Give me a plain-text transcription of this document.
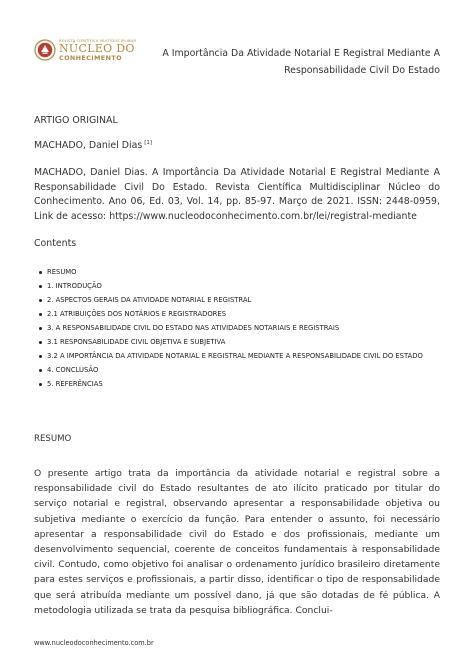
REVISTA CIENTÍFICA MULTIDISCIPLINAR
NÚCLEO DO
CONHECIMENTO	A Importância Da Atividade Notarial E Registral Mediante A
Responsabilidade Civil Do Estado
ARTIGO ORIGINAL
MACHADO, Daniel Dias [1]
MACHADO, Daniel Dias. A Importância Da Atividade Notarial E Registral Mediante A Responsabilidade Civil Do Estado. Revista Científica Multidisciplinar Núcleo do Conhecimento. Ano 06, Ed. 03, Vol. 14, pp. 85-97. Março de 2021. ISSN: 2448-0959, Link de acesso: https://www.nucleodoconhecimento.com.br/lei/registral-mediante
Contents
RESUMO
1. INTRODUÇÃO
2. ASPECTOS GERAIS DA ATIVIDADE NOTARIAL E REGISTRAL
2.1 ATRIBUIÇÕES DOS NOTÁRIOS E REGISTRADORES
3. A RESPONSABILIDADE CIVIL DO ESTADO NAS ATIVIDADES NOTARIAIS E REGISTRAIS
3.1 RESPONSABILIDADE CIVIL OBJETIVA E SUBJETIVA
3.2 A IMPORTÂNCIA DA ATIVIDADE NOTARIAL E REGISTRAL MEDIANTE A RESPONSABILIDADE CIVIL DO ESTADO
4. CONCLUSÃO
5. REFERÊNCIAS
RESUMO

O presente artigo trata da importância da atividade notarial e registral sobre a responsabilidade civil do Estado resultantes de ato ilícito praticado por titular do serviço notarial e registral, observando apresentar a responsabilidade objetiva ou subjetiva mediante o exercício da função. Para entender o assunto, foi necessário apresentar a responsabilidade civil do Estado e dos profissionais, mediante um desenvolvimento sequencial, coerente de conceitos fundamentais à responsabilidade civil. Contudo, como objetivo foi analisar o ordenamento jurídico brasileiro diretamente para estes serviços e profissionais, a partir disso, identificar o tipo de responsabilidade que será atribuída mediante um possível dano, já que são dotadas de fé pública. A metodologia utilizada se trata da pesquisa bibliográfica. Conclui-

www.nucleodoconhecimento.com.br
